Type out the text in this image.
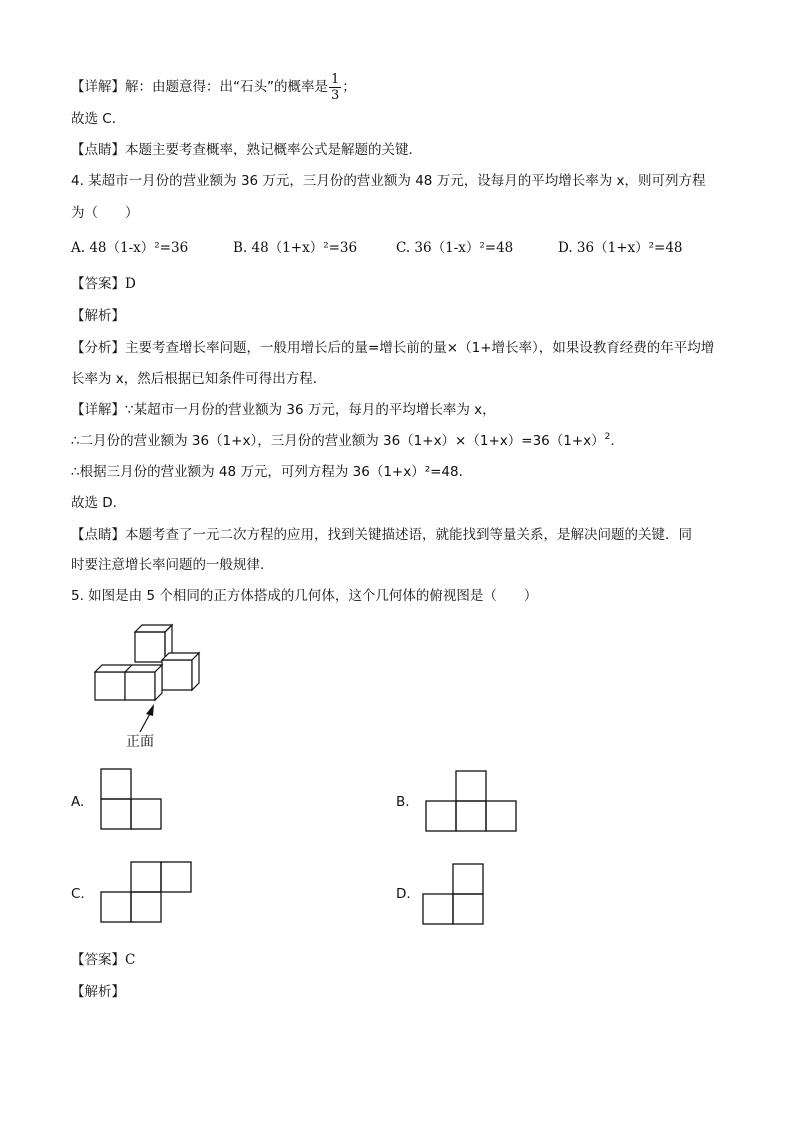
【详解】解：由题意得：出“石头”的概率是 $\frac{1}{3}$ ；
故选 C．
【点睛】本题主要考查概率，熟记概率公式是解题的关键．
4. 某超市一月份的营业额为 36 万元，三月份的营业额为 48 万元，设每月的平均增长率为 x，则可列方程
为（　　）
A. 48（1-x）²=36	B. 48（1+x）²=36	C. 36（1-x）²=48	D. 36（1+x）²=48
【答案】D
【解析】
【分析】主要考查增长率问题，一般用增长后的量=增长前的量×（1+增长率），如果设教育经费的年平均增
长率为 x，然后根据已知条件可得出方程．
【详解】∵某超市一月份的营业额为 36 万元，每月的平均增长率为 x，
∴二月份的营业额为 36（1+x），三月份的营业额为 $36(1+x)\times(1+x)=36(1+x)^2$.
∴根据三月份的营业额为 48 万元，可列方程为 36（1+x）²=48.
故选 D.
【点睛】本题考查了一元二次方程的应用，找到关键描述语，就能找到等量关系，是解决问题的关键．同
时要注意增长率问题的一般规律.
5. 如图是由 5 个相同的正方体搭成的几何体，这个几何体的俯视图是（　　）
正面
A.	B.
C.	D.
【答案】C
【解析】
